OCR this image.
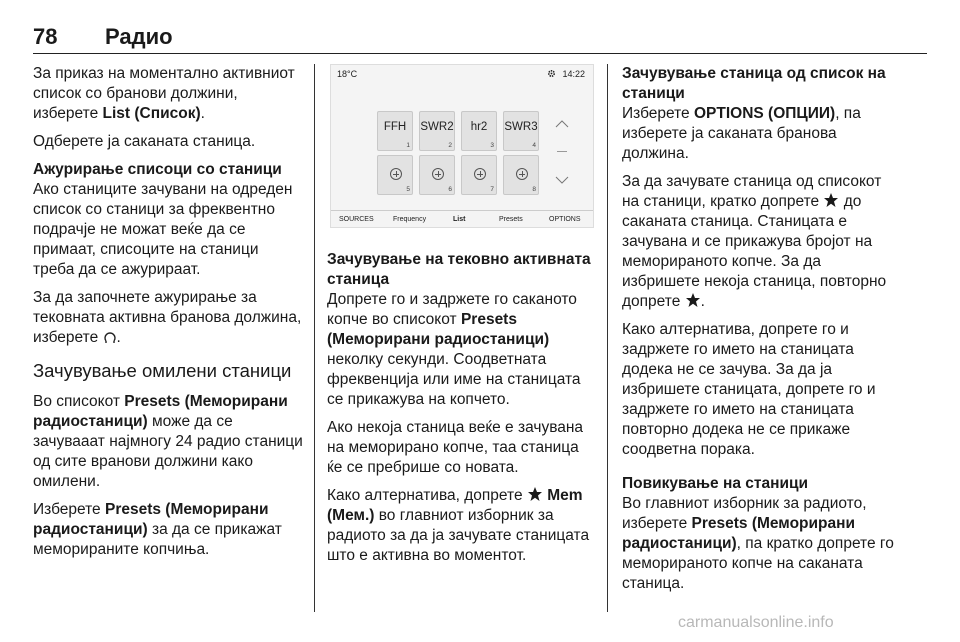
78 Радио

За приказ на моментално активниот список со бранови должини, изберете List (Список).

Одберете ја саканата станица.

Ажурирање списоци со станици

Ако станиците зачувани на одреден список со станици за фреквентно подрачје не можат веќе да се примаат, списоците на станици треба да се ажурираат.

За да започнете ажурирање за тековната активна бранова должина, изберете .

Зачувување омилени станици

Во списокот Presets (Меморирани радиостаници) може да се зачувааат најмногу 24 радио станици од сите вранови должини како омилени.

Изберете Presets (Меморирани радиостаници) за да се прикажат меморираните копчиња.

18°C	14:22
FFH
1
SWR2
2
hr2
3
SWR3
4
5	6	7	8
SOURCES	Frequency	List	Presets	OPTIONS
Зачувување на тековно активната станица

Допрете го и задржете го саканото копче во списокот Presets (Меморирани радиостаници) неколку секунди. Соодветната фреквенција или име на станицата се прикажува на копчето.

Ако некоја станица веќе е зачувана на меморирано копче, таа станица ќе се пребрише со новата.

Како алтернатива, допрете  Mem (Мем.) во главниот изборник за радиото за да ја зачувате станицата што е активна во моментот.

Зачувување станица од список на станици

Изберете OPTIONS (ОПЦИИ), па изберете ја саканата бранова должина.

За да зачувате станица од списокот на станици, кратко допрете  до саканата станица. Станицата е зачувана и се прикажува бројот на меморираното копче. За да избришете некоја станица, повторно допрете .

Како алтернатива, допрете го и задржете го името на станицата додека не се зачува. За да ја избришете станицата, допрете го и задржете го името на станицата повторно додека не се прикаже соодветна порака.

Повикување на станици

Во главниот изборник за радиото, изберете Presets (Меморирани радиостаници), па кратко допрете го меморираното копче на саканата станица.

carmanualsonline.info
